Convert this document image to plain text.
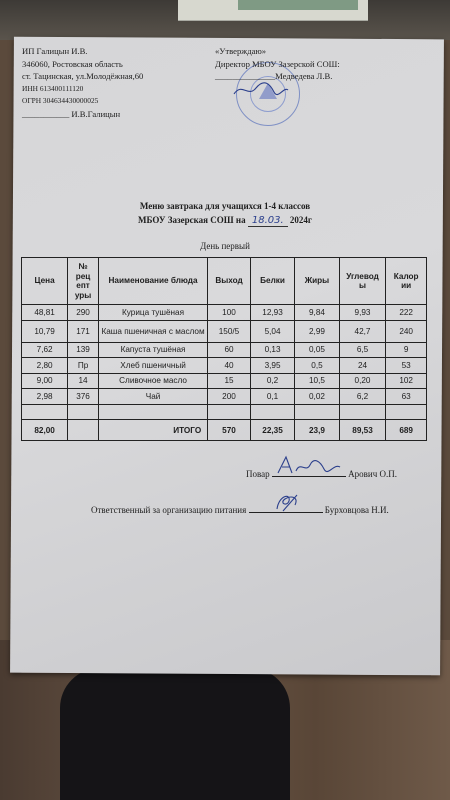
ИП Галицын И.В.
346060, Ростовская область
ст. Тацинская, ул.Молодёжная,60
ИНН 613400111120
ОГРН 304634430000025
___________ И.В.Галицын
«Утверждаю»
Директор МБОУ Зазерской СОШ:
______________Медведева Л.В.
Меню завтрака для учащихся 1-4 классов
МБОУ Зазерская СОШ на 18.03. 2024г
День первый
Цена	№ рец епт уры	Наименование блюда	Выход	Белки	Жиры	Углевод ы	Калор ии
48,81	290	Курица тушёная	100	12,93	9,84	9,93	222
10,79	171	Каша пшеничная с маслом	150/5	5,04	2,99	42,7	240
7,62	139	Капуста тушёная	60	0,13	0,05	6,5	9
2,80	Пр	Хлеб пшеничный	40	3,95	0,5	24	53
9,00	14	Сливочное масло	15	0,2	10,5	0,20	102
2,98	376	Чай	200	0,1	0,02	6,2	63

82,00		ИТОГО	570	22,35	23,9	89,53	689
Повар	Арович О.П.
Ответственный за организацию питания	Бурховцова Н.И.
